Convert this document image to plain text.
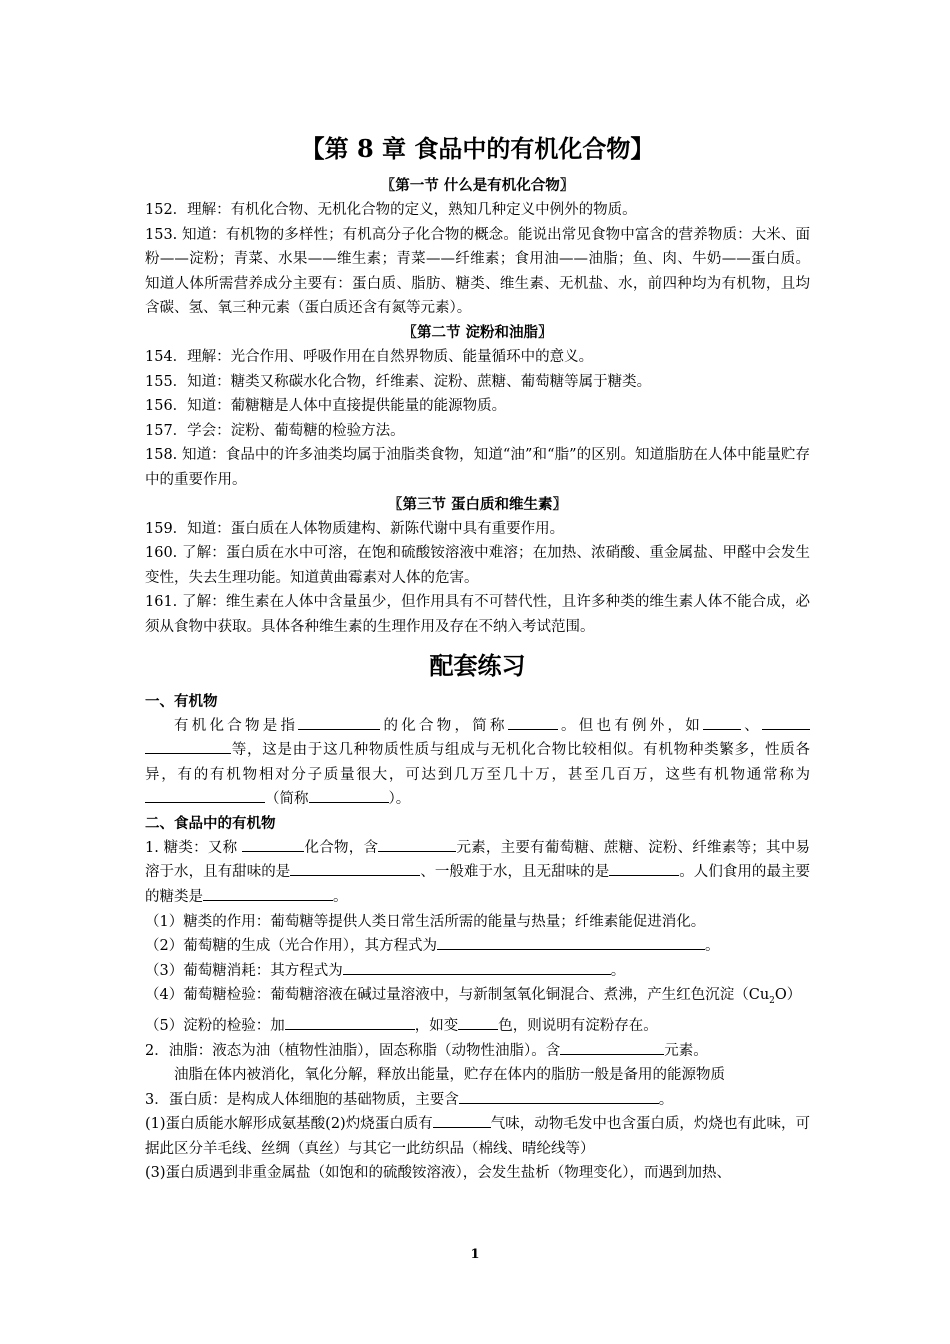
【第 8 章 食品中的有机化合物】
〖第一节 什么是有机化合物〗
152．理解：有机化合物、无机化合物的定义，熟知几种定义中例外的物质。
153. 知道：有机物的多样性；有机高分子化合物的概念。能说出常见食物中富含的营养物质：大米、面粉——淀粉；青菜、水果——维生素；青菜——纤维素；食用油——油脂；鱼、肉、牛奶——蛋白质。知道人体所需营养成分主要有：蛋白质、脂肪、糖类、维生素、无机盐、水，前四种均为有机物，且均含碳、氢、氧三种元素（蛋白质还含有氮等元素）。
〖第二节 淀粉和油脂〗
154．理解：光合作用、呼吸作用在自然界物质、能量循环中的意义。
155．知道：糖类又称碳水化合物，纤维素、淀粉、蔗糖、葡萄糖等属于糖类。
156．知道：葡糖糖是人体中直接提供能量的能源物质。
157．学会：淀粉、葡萄糖的检验方法。
158. 知道：食品中的许多油类均属于油脂类食物，知道“油”和“脂”的区别。知道脂肪在人体中能量贮存中的重要作用。
〖第三节 蛋白质和维生素〗
159．知道：蛋白质在人体物质建构、新陈代谢中具有重要作用。
160. 了解：蛋白质在水中可溶，在饱和硫酸铵溶液中难溶；在加热、浓硝酸、重金属盐、甲醛中会发生变性，失去生理功能。知道黄曲霉素对人体的危害。
161. 了解：维生素在人体中含量虽少，但作用具有不可替代性，且许多种类的维生素人体不能合成，必须从食物中获取。具体各种维生素的生理作用及存在不纳入考试范围。
配套练习
一、有机物
有机化合物是指	的化合物，简称	。但也有例外，如	、 等，这是由于这几种物质性质与组成与无机化合物比较相似。有机物种类繁多，性质各异，有的有机物相对分子质量很大，可达到几万至几十万，甚至几百万，这些有机物通常称为（简称	）。
二、食品中的有机物
1. 糖类：又称	化合物，含	元素，主要有葡萄糖、蔗糖、淀粉、纤维素等；其中易溶于水，且有甜味的是	、一般难于水，且无甜味的是	。人们食用的最主要的糖类是	。
（1）糖类的作用：葡萄糖等提供人类日常生活所需的能量与热量；纤维素能促进消化。
（2）葡萄糖的生成（光合作用），其方程式为	。
（3）葡萄糖消耗：其方程式为	。
（4）葡萄糖检验：葡萄糖溶液在碱过量溶液中，与新制氢氧化铜混合、煮沸，产生红色沉淀$(Cu_2O)$
（5）淀粉的检验：加	，如变	色，则说明有淀粉存在。
2．油脂：液态为油（植物性油脂），固态称脂（动物性油脂）。含	元素。
油脂在体内被消化，氧化分解，释放出能量，贮存在体内的脂肪一般是备用的能源物质
3．蛋白质：是构成人体细胞的基础物质，主要含	。
(1)蛋白质能水解形成氨基酸(2)灼烧蛋白质有	气味，动物毛发中也含蛋白质，灼烧也有此味，可据此区分羊毛线、丝绸（真丝）与其它一此纺织品（棉线、晴纶线等）
(3)蛋白质遇到非重金属盐（如饱和的硫酸铵溶液），会发生盐析（物理变化），而遇到加热、
1
